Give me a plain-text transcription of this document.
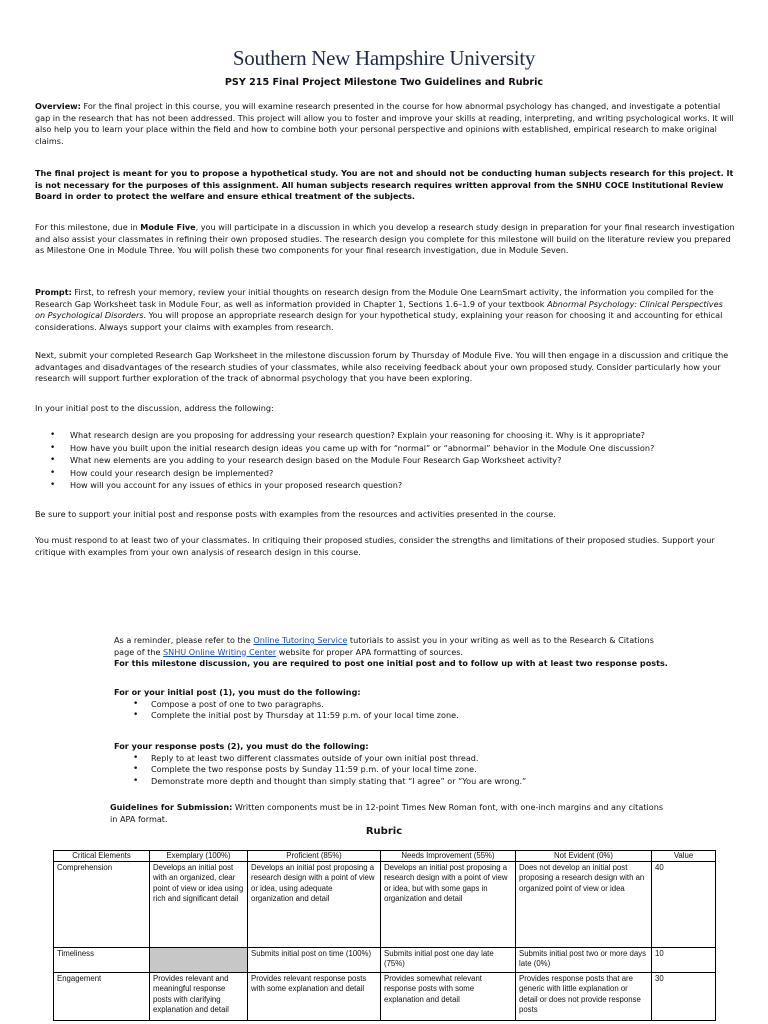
Southern New Hampshire University
PSY 215 Final Project Milestone Two Guidelines and Rubric

Overview: For the final project in this course, you will examine research presented in the course for how abnormal psychology has changed, and investigate a potential gap in the research that has not been addressed. This project will allow you to foster and improve your skills at reading, interpreting, and writing psychological works. It will also help you to learn your place within the field and how to combine both your personal perspective and opinions with established, empirical research to make original claims.

The final project is meant for you to propose a hypothetical study. You are not and should not be conducting human subjects research for this project. It is not necessary for the purposes of this assignment. All human subjects research requires written approval from the SNHU COCE Institutional Review Board in order to protect the welfare and ensure ethical treatment of the subjects.

For this milestone, due in Module Five, you will participate in a discussion in which you develop a research study design in preparation for your final research investigation and also assist your classmates in refining their own proposed studies. The research design you complete for this milestone will build on the literature review you prepared as Milestone One in Module Three. You will polish these two components for your final research investigation, due in Module Seven.

Prompt: First, to refresh your memory, review your initial thoughts on research design from the Module One LearnSmart activity, the information you compiled for the Research Gap Worksheet task in Module Four, as well as information provided in Chapter 1, Sections 1.6–1.9 of your textbook Abnormal Psychology: Clinical Perspectives on Psychological Disorders. You will propose an appropriate research design for your hypothetical study, explaining your reason for choosing it and accounting for ethical considerations. Always support your claims with examples from research.

Next, submit your completed Research Gap Worksheet in the milestone discussion forum by Thursday of Module Five. You will then engage in a discussion and critique the advantages and disadvantages of the research studies of your classmates, while also receiving feedback about your own proposed study. Consider particularly how your research will support further exploration of the track of abnormal psychology that you have been exploring.

In your initial post to the discussion, address the following:

• What research design are you proposing for addressing your research question? Explain your reasoning for choosing it. Why is it appropriate?
• How have you built upon the initial research design ideas you came up with for “normal” or “abnormal” behavior in the Module One discussion?
• What new elements are you adding to your research design based on the Module Four Research Gap Worksheet activity?
• How could your research design be implemented?
• How will you account for any issues of ethics in your proposed research question?

Be sure to support your initial post and response posts with examples from the resources and activities presented in the course.

You must respond to at least two of your classmates. In critiquing their proposed studies, consider the strengths and limitations of their proposed studies. Support your critique with examples from your own analysis of research design in this course.

As a reminder, please refer to the Online Tutoring Service tutorials to assist you in your writing as well as to the Research & Citations page of the SNHU Online Writing Center website for proper APA formatting of sources.

For this milestone discussion, you are required to post one initial post and to follow up with at least two response posts.

For or your initial post (1), you must do the following:

• Compose a post of one to two paragraphs.
• Complete the initial post by Thursday at 11:59 p.m. of your local time zone.

For your response posts (2), you must do the following:

• Reply to at least two different classmates outside of your own initial post thread.
• Complete the two response posts by Sunday 11:59 p.m. of your local time zone.
• Demonstrate more depth and thought than simply stating that “I agree” or “You are wrong.”

Guidelines for Submission: Written components must be in 12-point Times New Roman font, with one-inch margins and any citations in APA format.

Rubric
Critical Elements	Exemplary (100%)	Proficient (85%)	Needs Improvement (55%)	Not Evident (0%)	Value
Comprehension	Develops an initial post with an organized, clear point of view or idea using rich and significant detail	Develops an initial post proposing a research design with a point of view or idea, using adequate organization and detail	Develops an initial post proposing a research design with a point of view or idea, but with some gaps in organization and detail	Does not develop an initial post proposing a research design with an organized point of view or idea	40
Timeliness		Submits initial post on time (100%)	Submits initial post one day late (75%)	Submits initial post two or more days late (0%)	10
Engagement	Provides relevant and meaningful response posts with clarifying explanation and detail	Provides relevant response posts with some explanation and detail	Provides somewhat relevant response posts with some explanation and detail	Provides response posts that are generic with little explanation or detail or does not provide response posts	30
